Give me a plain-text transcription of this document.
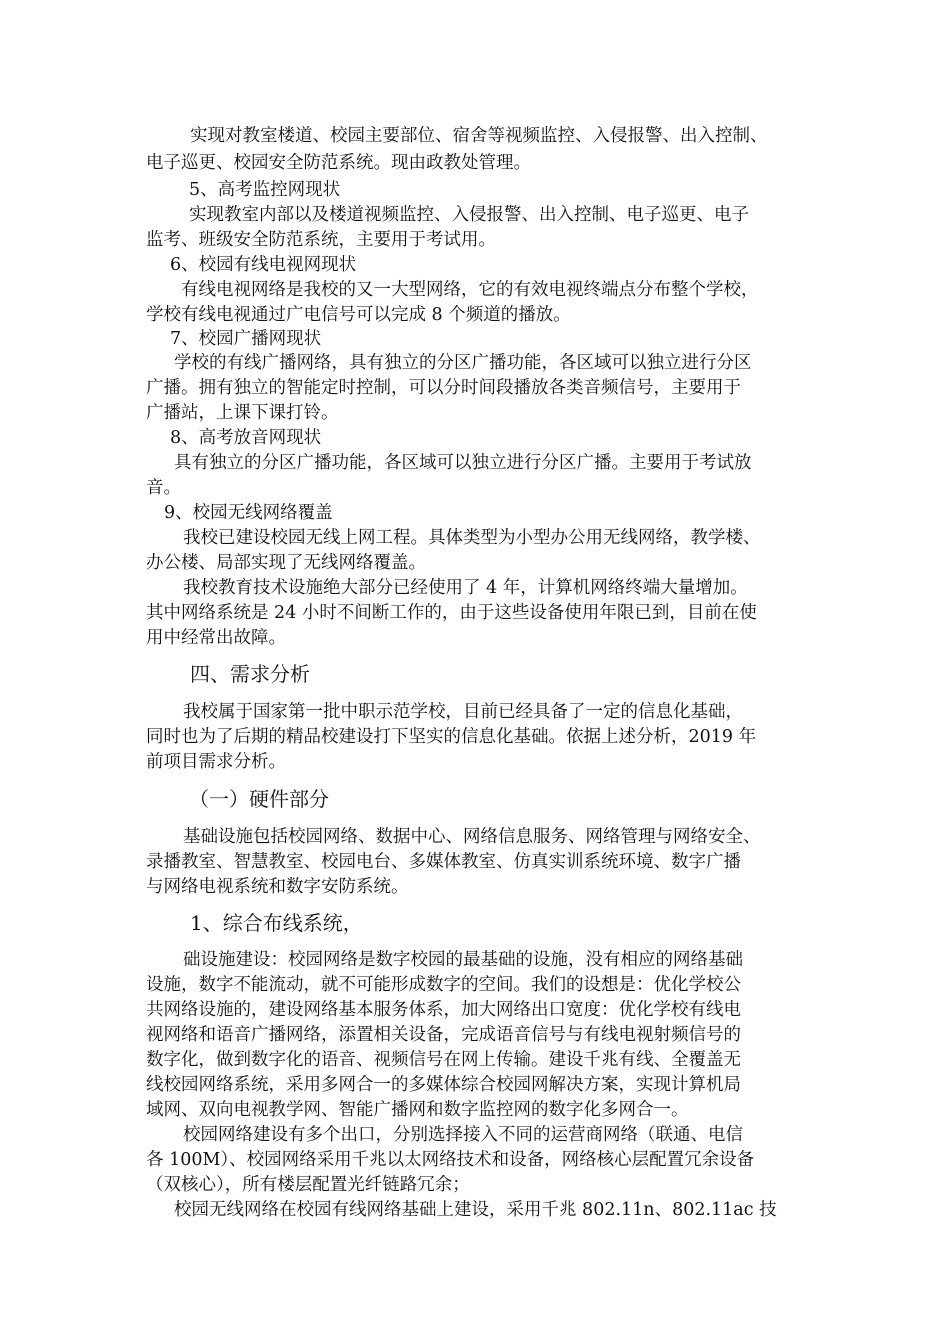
实现对教室楼道、校园主要部位、宿舍等视频监控、入侵报警、出入控制、

电子巡更、校园安全防范系统。现由政教处管理。

5、高考监控网现状

实现教室内部以及楼道视频监控、入侵报警、出入控制、电子巡更、电子

监考、班级安全防范系统，主要用于考试用。

6、校园有线电视网现状

有线电视网络是我校的又一大型网络，它的有效电视终端点分布整个学校，

学校有线电视通过广电信号可以完成 8 个频道的播放。

7、校园广播网现状

学校的有线广播网络，具有独立的分区广播功能，各区域可以独立进行分区

广播。拥有独立的智能定时控制，可以分时间段播放各类音频信号，主要用于

广播站，上课下课打铃。

8、高考放音网现状

具有独立的分区广播功能，各区域可以独立进行分区广播。主要用于考试放

音。

9、校园无线网络覆盖

我校已建设校园无线上网工程。具体类型为小型办公用无线网络，教学楼、

办公楼、局部实现了无线网络覆盖。

我校教育技术设施绝大部分已经使用了 4 年，计算机网络终端大量增加。

其中网络系统是 24 小时不间断工作的，由于这些设备使用年限已到，目前在使

用中经常出故障。

四、需求分析

我校属于国家第一批中职示范学校，目前已经具备了一定的信息化基础，

同时也为了后期的精品校建设打下坚实的信息化基础。依据上述分析，2019 年

前项目需求分析。

（一）硬件部分

基础设施包括校园网络、数据中心、网络信息服务、网络管理与网络安全、

录播教室、智慧教室、校园电台、多媒体教室、仿真实训系统环境、数字广播

与网络电视系统和数字安防系统。

1、综合布线系统，

础设施建设：校园网络是数字校园的最基础的设施，没有相应的网络基础

设施，数字不能流动，就不可能形成数字的空间。我们的设想是：优化学校公

共网络设施的，建设网络基本服务体系，加大网络出口宽度：优化学校有线电

视网络和语音广播网络，添置相关设备，完成语音信号与有线电视射频信号的

数字化，做到数字化的语音、视频信号在网上传输。建设千兆有线、全覆盖无

线校园网络系统，采用多网合一的多媒体综合校园网解决方案，实现计算机局

域网、双向电视教学网、智能广播网和数字监控网的数字化多网合一。

校园网络建设有多个出口，分别选择接入不同的运营商网络（联通、电信

各 100M）、校园网络采用千兆以太网络技术和设备，网络核心层配置冗余设备

（双核心），所有楼层配置光纤链路冗余；

校园无线网络在校园有线网络基础上建设，采用千兆 802.11n、802.11ac 技
